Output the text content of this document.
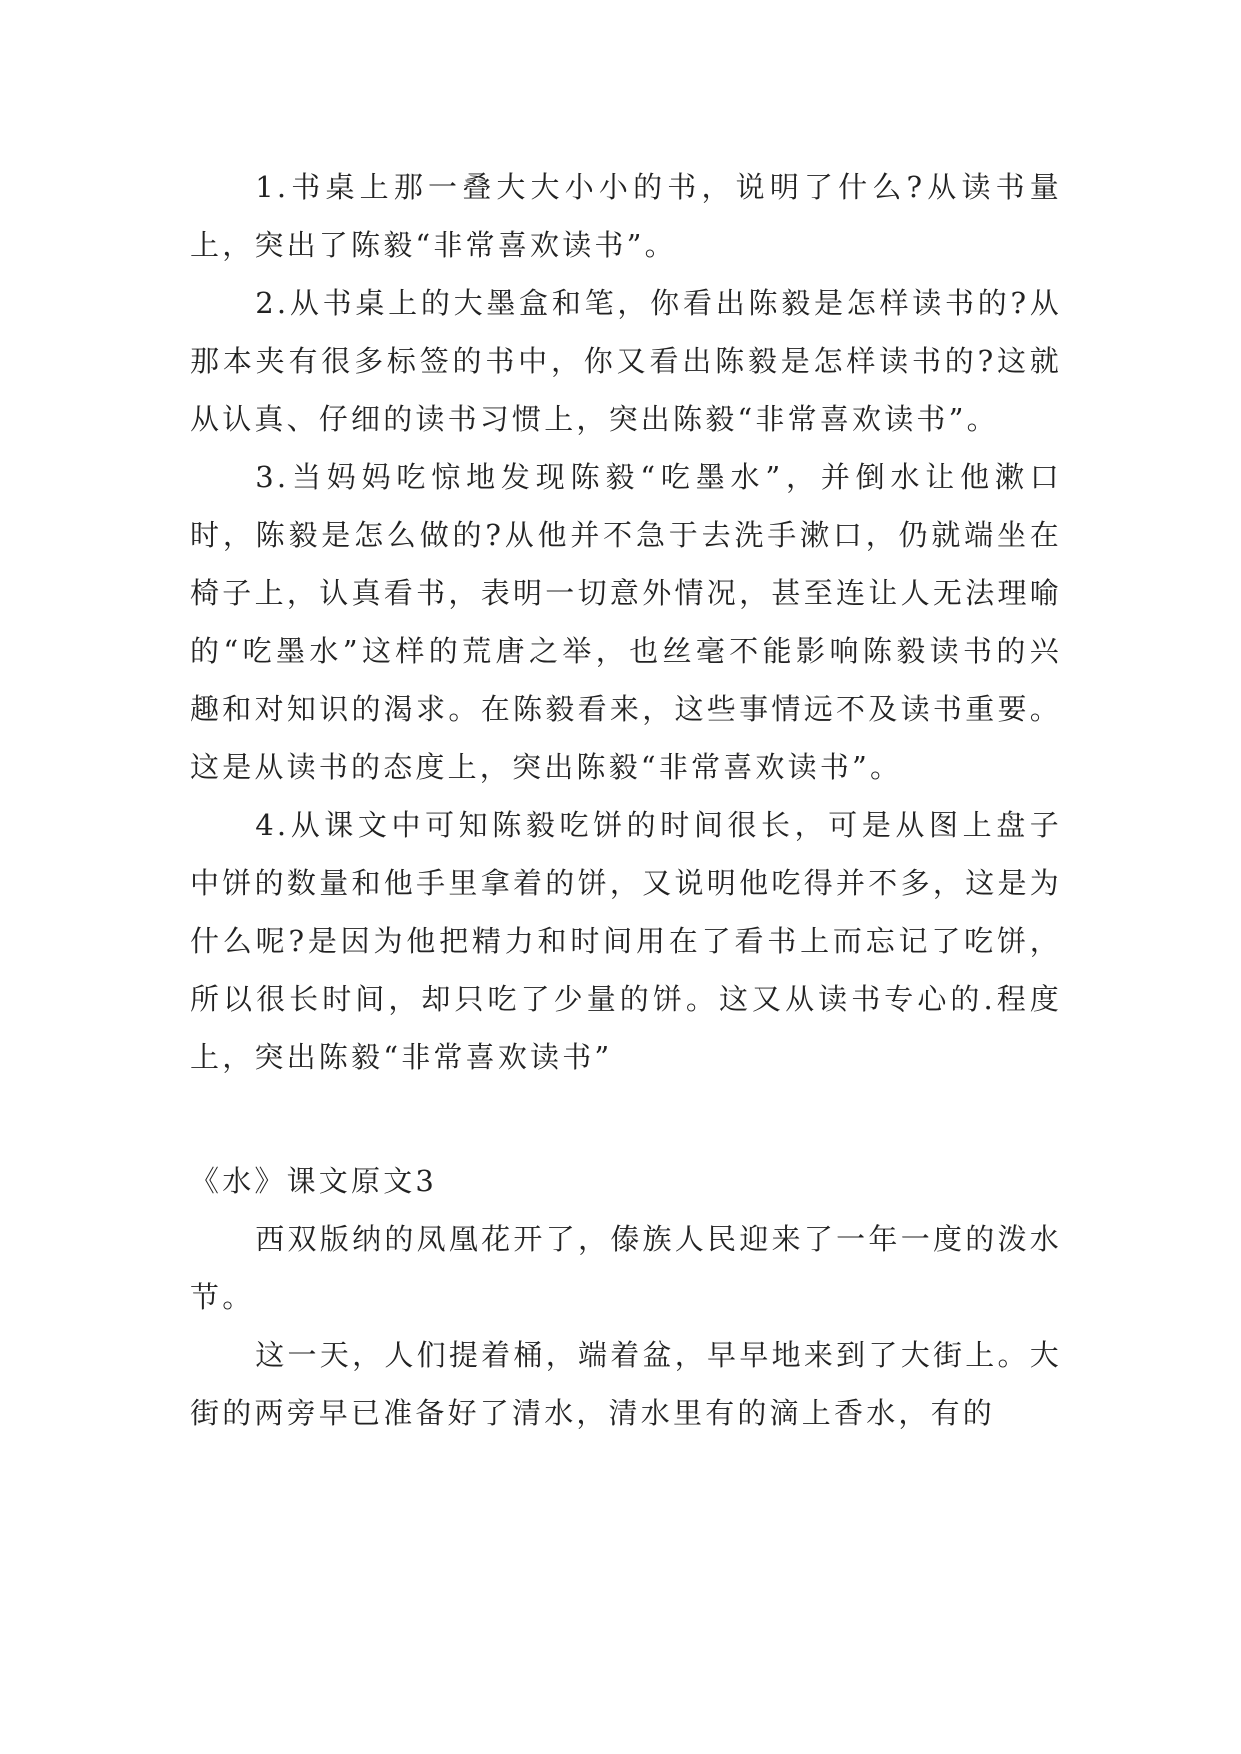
1.书桌上那一叠大大小小的书，说明了什么?从读书量上，突出了陈毅“非常喜欢读书”。

2.从书桌上的大墨盒和笔，你看出陈毅是怎样读书的?从那本夹有很多标签的书中，你又看出陈毅是怎样读书的?这就从认真、仔细的读书习惯上，突出陈毅“非常喜欢读书”。

3.当妈妈吃惊地发现陈毅“吃墨水”，并倒水让他漱口时，陈毅是怎么做的?从他并不急于去洗手漱口，仍就端坐在椅子上，认真看书，表明一切意外情况，甚至连让人无法理喻的“吃墨水”这样的荒唐之举，也丝毫不能影响陈毅读书的兴趣和对知识的渴求。在陈毅看来，这些事情远不及读书重要。 这是从读书的态度上，突出陈毅“非常喜欢读书”。

4.从课文中可知陈毅吃饼的时间很长，可是从图上盘子中饼的数量和他手里拿着的饼，又说明他吃得并不多，这是为什么呢?是因为他把精力和时间用在了看书上而忘记了吃饼，所以很长时间，却只吃了少量的饼。这又从读书专心的.程度上，突出陈毅“非常喜欢读书”

《水》课文原文3

西双版纳的凤凰花开了，傣族人民迎来了一年一度的泼水节。

这一天，人们提着桶，端着盆，早早地来到了大街上。大街的两旁早已准备好了清水，清水里有的滴上香水，有的
